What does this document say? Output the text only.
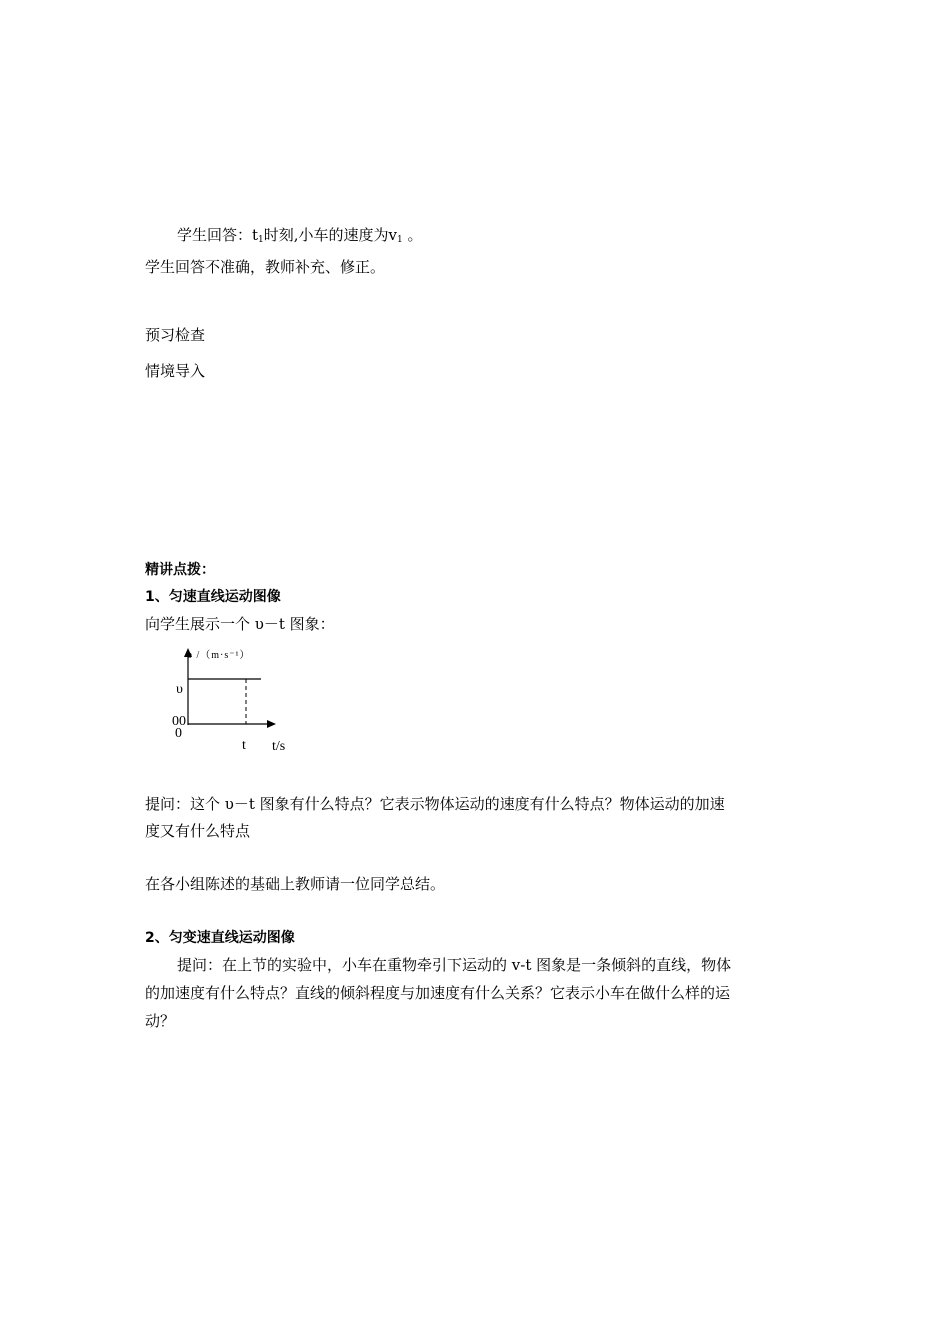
学生回答：$t_1$时刻,小车的速度为$v_1$ 。
学生回答不准确，教师补充、修正。
预习检查
情境导入
精讲点拨：
1、匀速直线运动图像
向学生展示一个 υ－t 图象：
υ /（m·s⁻¹）
υ
00
0
t t/s
提问：这个 υ－t 图象有什么特点？它表示物体运动的速度有什么特点？物体运动的加速
度又有什么特点
在各小组陈述的基础上教师请一位同学总结。
2、匀变速直线运动图像
提问：在上节的实验中，小车在重物牵引下运动的 v-t 图象是一条倾斜的直线，物体
的加速度有什么特点？直线的倾斜程度与加速度有什么关系？它表示小车在做什么样的运
动？
